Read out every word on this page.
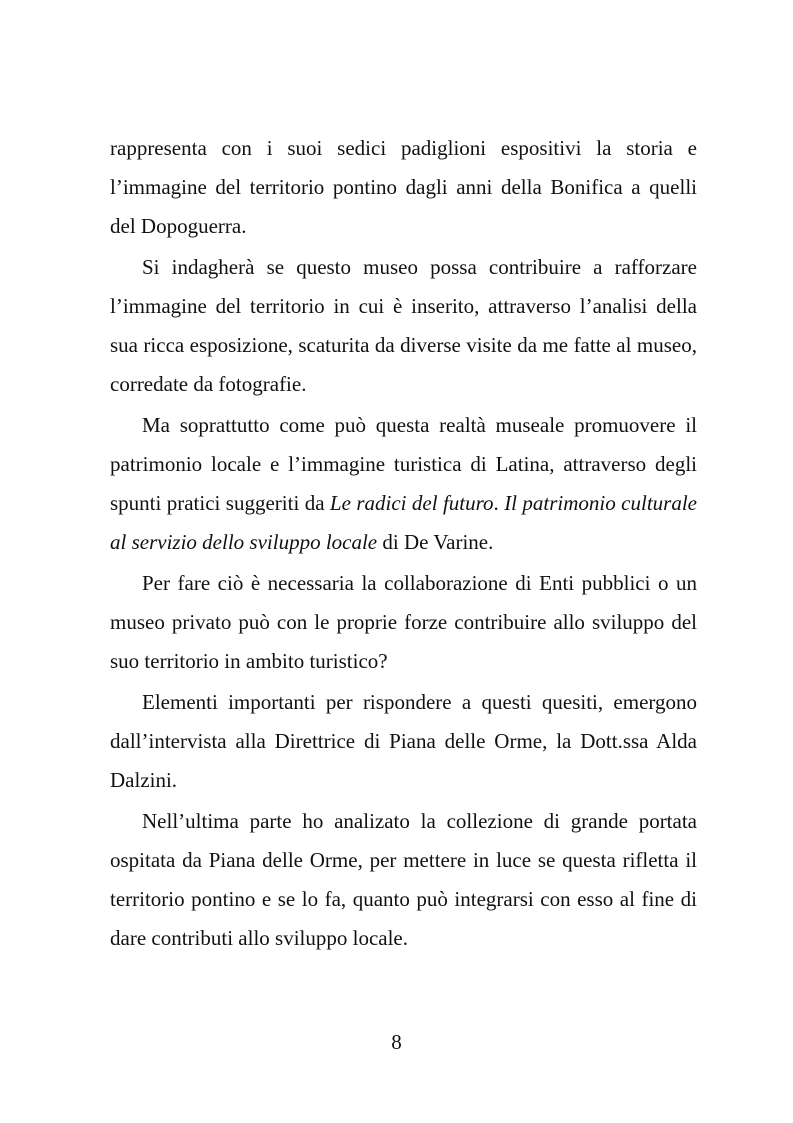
rappresenta con i suoi sedici padiglioni espositivi la storia e l’immagine del territorio pontino dagli anni della Bonifica a quelli del Dopoguerra.

Si indagherà se questo museo possa contribuire a rafforzare l’immagine del territorio in cui è inserito, attraverso l’analisi della sua ricca esposizione, scaturita da diverse visite da me fatte al museo, corredate da fotografie.

Ma soprattutto come può questa realtà museale promuovere il patrimonio locale e l’immagine turistica di Latina, attraverso degli spunti pratici suggeriti da Le radici del futuro. Il patrimonio culturale al servizio dello sviluppo locale di De Varine.

Per fare ciò è necessaria la collaborazione di Enti pubblici o un museo privato può con le proprie forze contribuire allo sviluppo del suo territorio in ambito turistico?

Elementi importanti per rispondere a questi quesiti, emergono dall’intervista alla Direttrice di Piana delle Orme, la Dott.ssa Alda Dalzini.

Nell’ultima parte ho analizato la collezione di grande portata ospitata da Piana delle Orme, per mettere in luce se questa rifletta il territorio pontino e se lo fa, quanto può integrarsi con esso al fine di dare contributi allo sviluppo locale.

8
